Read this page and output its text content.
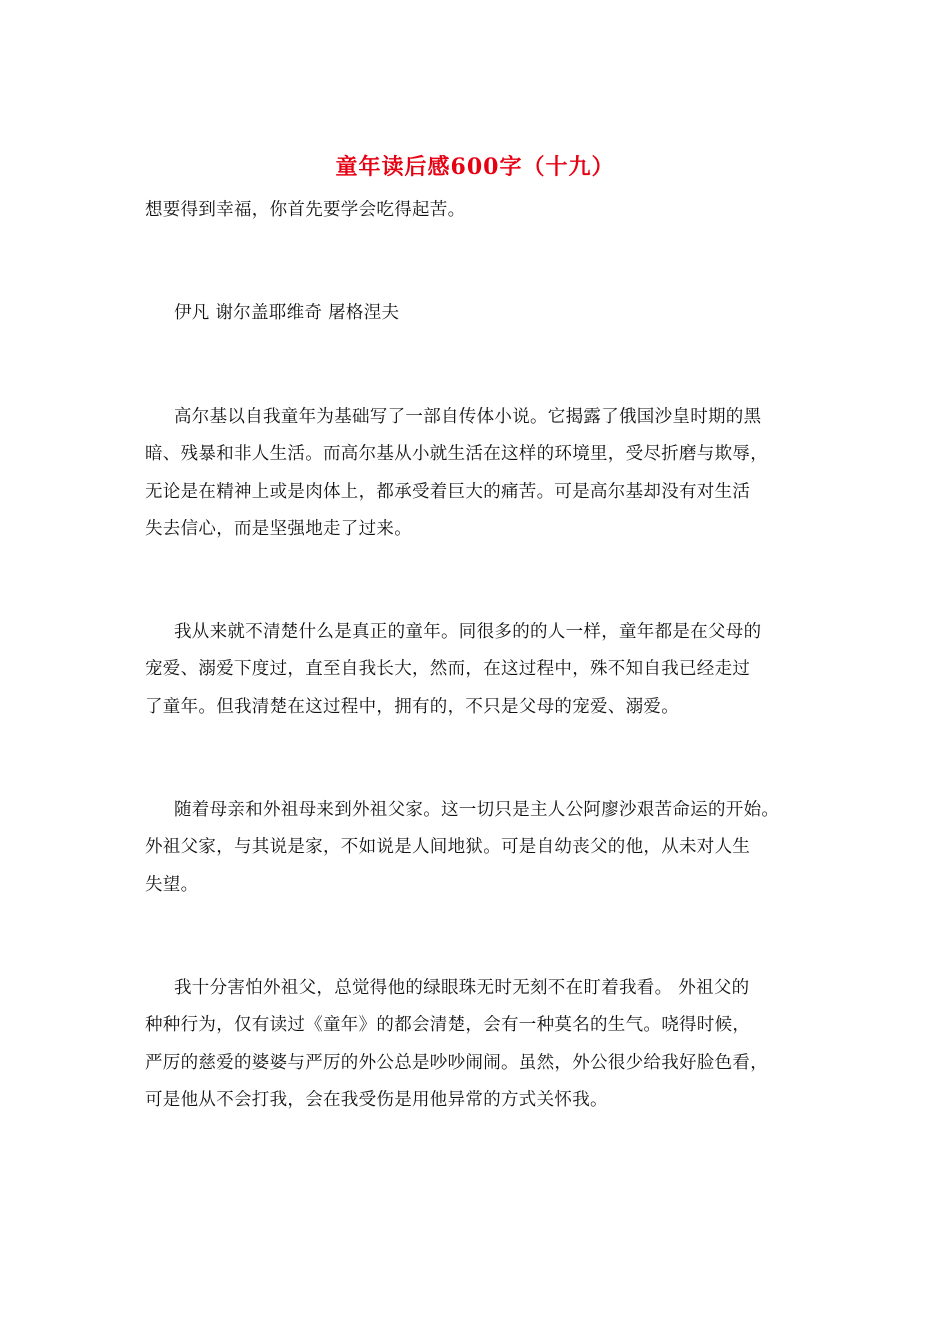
童年读后感600字（十九）
想要得到幸福，你首先要学会吃得起苦。
伊凡 谢尔盖耶维奇 屠格涅夫
高尔基以自我童年为基础写了一部自传体小说。它揭露了俄国沙皇时期的黑
暗、残暴和非人生活。而高尔基从小就生活在这样的环境里，受尽折磨与欺辱，
无论是在精神上或是肉体上，都承受着巨大的痛苦。可是高尔基却没有对生活
失去信心，而是坚强地走了过来。
我从来就不清楚什么是真正的童年。同很多的的人一样，童年都是在父母的
宠爱、溺爱下度过，直至自我长大，然而，在这过程中，殊不知自我已经走过
了童年。但我清楚在这过程中，拥有的，不只是父母的宠爱、溺爱。
随着母亲和外祖母来到外祖父家。这一切只是主人公阿廖沙艰苦命运的开始。
外祖父家，与其说是家，不如说是人间地狱。可是自幼丧父的他，从未对人生
失望。
我十分害怕外祖父，总觉得他的绿眼珠无时无刻不在盯着我看。 外祖父的
种种行为，仅有读过《童年》的都会清楚，会有一种莫名的生气。哓得时候，
严厉的慈爱的婆婆与严厉的外公总是吵吵闹闹。虽然，外公很少给我好脸色看，
可是他从不会打我，会在我受伤是用他异常的方式关怀我。
